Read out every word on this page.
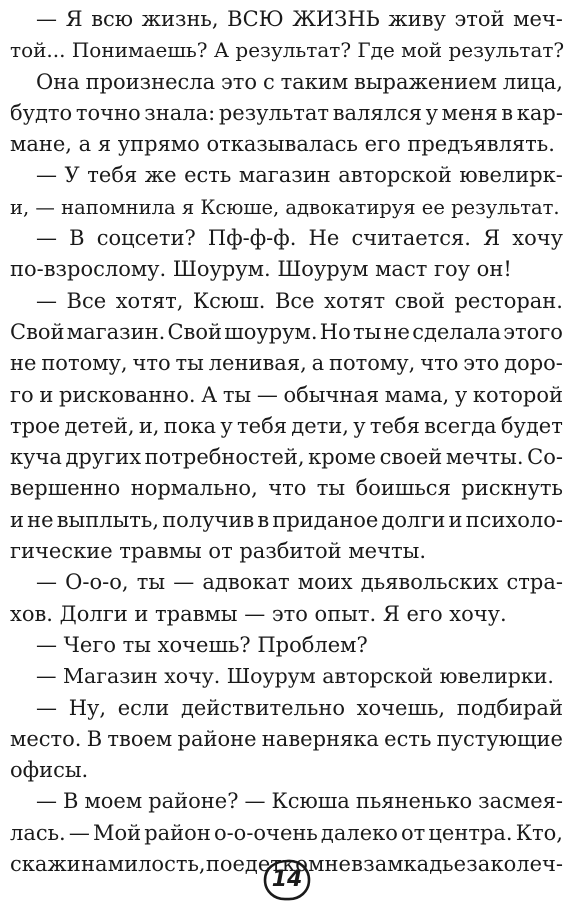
— Я всю жизнь, ВСЮ ЖИЗНЬ живу этой меч-
той... Понимаешь? А результат? Где мой результат?
Она произнесла это с таким выражением лица,
будто точно знала: результат валялся у меня в кар-
мане, а я упрямо отказывалась его предъявлять.
— У тебя же есть магазин авторской ювелирк-
и, — напомнила я Ксюше, адвокатируя ее результат.
— В соцсети? Пф-ф-ф. Не считается. Я хочу
по-взрослому. Шоурум. Шоурум маст гоу он!
— Все хотят, Ксюш. Все хотят свой ресторан.
Свой магазин. Свой шоурум. Но ты не сделала этого
не потому, что ты ленивая, а потому, что это доро-
го и рискованно. А ты — обычная мама, у которой
трое детей, и, пока у тебя дети, у тебя всегда будет
куча других потребностей, кроме своей мечты. Со-
вершенно нормально, что ты боишься рискнуть
и не выплыть, получив в приданое долги и психоло-
гические травмы от разбитой мечты.
— О-о-о, ты — адвокат моих дьявольских стра-
хов. Долги и травмы — это опыт. Я его хочу.
— Чего ты хочешь? Проблем?
— Магазин хочу. Шоурум авторской ювелирки.
— Ну, если действительно хочешь, подбирай
место. В твоем районе наверняка есть пустующие
офисы.
— В моем районе? — Ксюша пьяненько засмея-
лась. — Мой район о-о-очень далеко от центра. Кто,
скажи на милость, поедет ко мне в замкадье за колеч-
14
